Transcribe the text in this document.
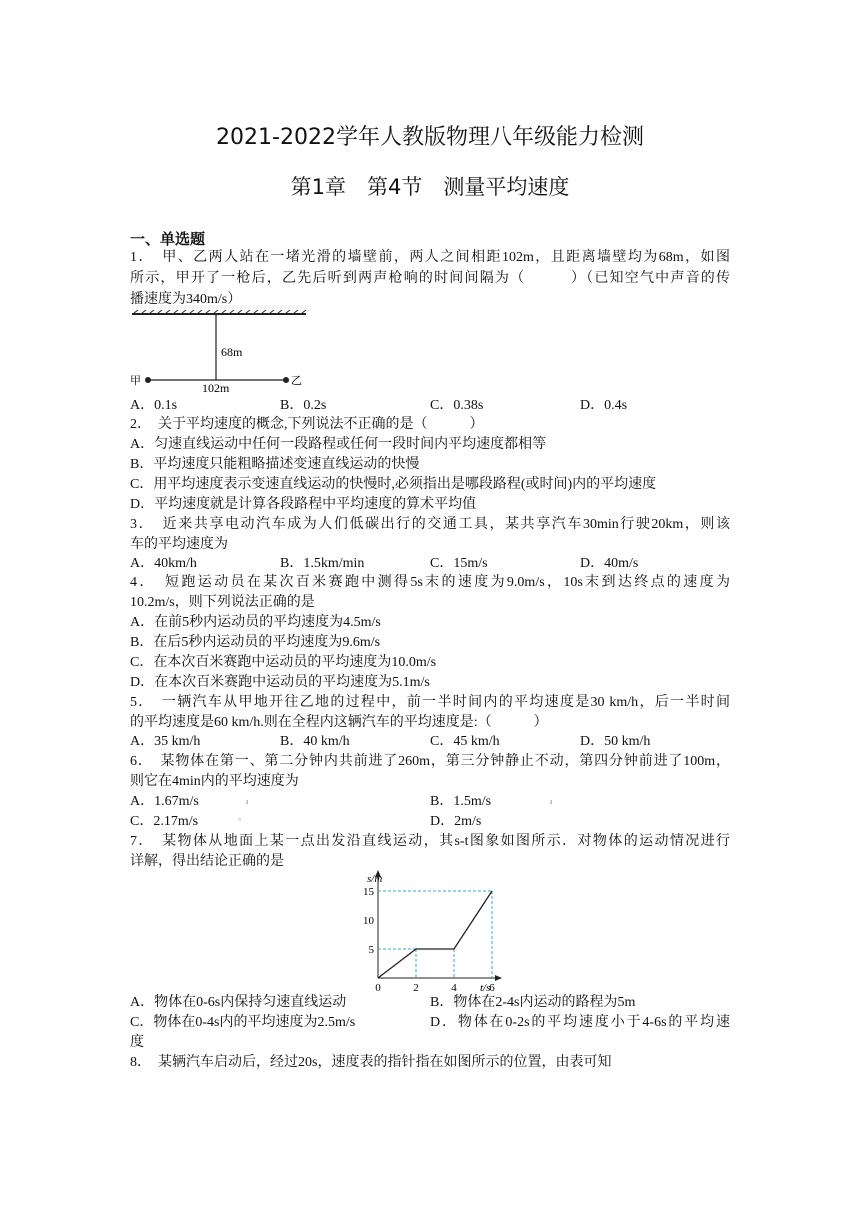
2021-2022学年人教版物理八年级能力检测
第1章　第4节　测量平均速度
一、单选题
1．　甲、乙两人站在一堵光滑的墙壁前，两人之间相距102m，且距离墙壁均为68m，如图
所示，甲开了一枪后，乙先后听到两声枪响的时间间隔为（　　　）（已知空气中声音的传
播速度为340m/s）
68m
102m
甲	乙
A．0.1s	B．0.2s	C．0.38s	D．0.4s
2．　关于平均速度的概念,下列说法不正确的是（　　　）
A．匀速直线运动中任何一段路程或任何一段时间内平均速度都相等
B．平均速度只能粗略描述变速直线运动的快慢
C．用平均速度表示变速直线运动的快慢时,必须指出是哪段路程(或时间)内的平均速度
D．平均速度就是计算各段路程中平均速度的算术平均值
3．　近来共享电动汽车成为人们低碳出行的交通工具，某共享汽车30min行驶20km，则该
车的平均速度为
A．40km/h	B．1.5km/min	C．15m/s	D．40m/s
4．　短跑运动员在某次百米赛跑中测得5s末的速度为9.0m/s，10s末到达终点的速度为
10.2m/s，则下列说法正确的是
A．在前5秒内运动员的平均速度为4.5m/s
B．在后5秒内运动员的平均速度为9.6m/s
C．在本次百米赛跑中运动员的平均速度为10.0m/s
D．在本次百米赛跑中运动员的平均速度为5.1m/s
5．　一辆汽车从甲地开往乙地的过程中，前一半时间内的平均速度是30 km/h，后一半时间
的平均速度是60 km/h.则在全程内这辆汽车的平均速度是:（　　　）
A．35 km/h	B．40 km/h	C．45 km/h	D．50 km/h
6．　某物体在第一、第二分钟内共前进了260m，第三分钟静止不动，第四分钟前进了100m，
则它在4min内的平均速度为
A．1.67m/s	ı	B．1.5m/s	ı
C．2.17m/s	▫	D．2m/s
7．　某物体从地面上某一点出发沿直线运动，其s-t图象如图所示．对物体的运动情况进行
详解，得出结论正确的是
0	2	4	6
15
10
5
s/m
t/s
A．物体在0-6s内保持匀速直线运动	B．物体在2-4s内运动的路程为5m
C．物体在0-4s内的平均速度为2.5m/s	D．物体在0-2s的平均速度小于4-6s的平均速
度
8．　某辆汽车启动后，经过20s，速度表的指针指在如图所示的位置，由表可知
